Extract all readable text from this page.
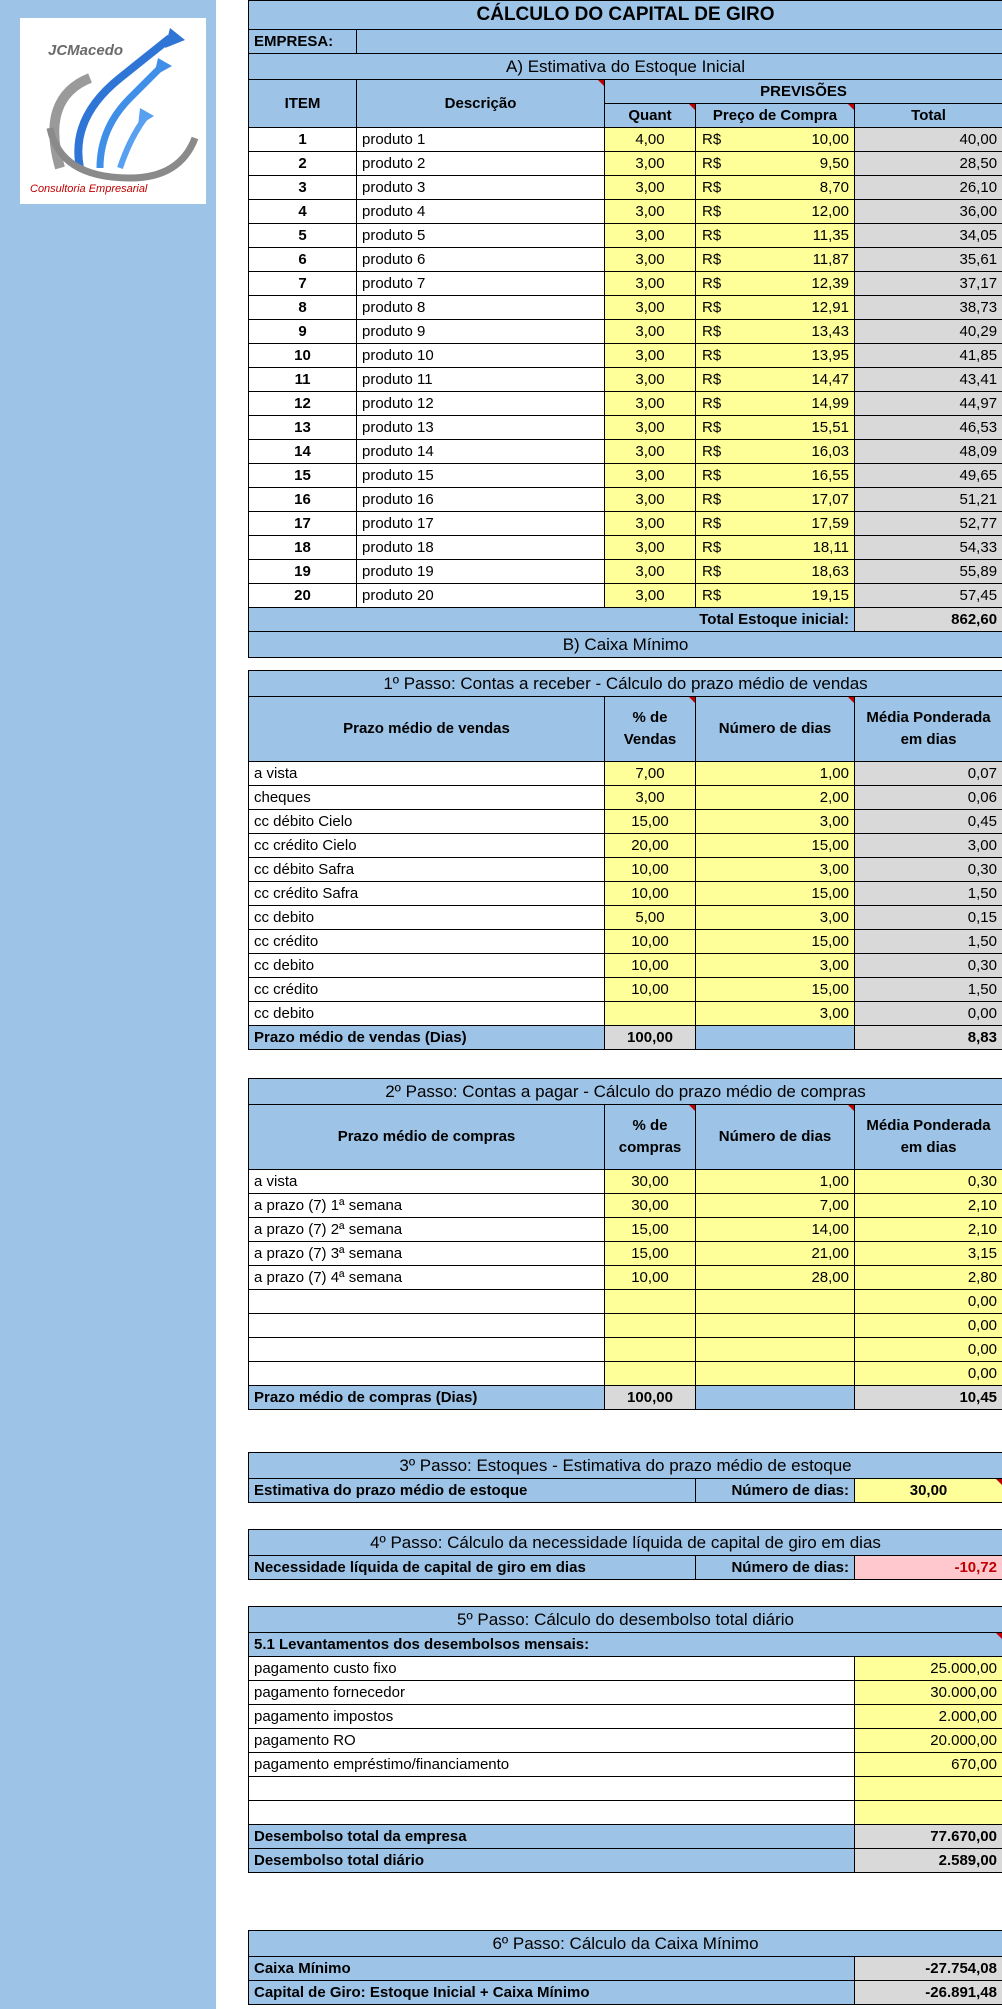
JCMacedo
Consultoria Empresarial
CÁLCULO DO CAPITAL DE GIRO				
EMPRESA:				
A) Estimativa do Estoque Inicial				
ITEM	Descrição	PREVISÕES		
		Quant	Preço de Compra	Total
1	produto 1	4,00	R$ 10,00	40,00
2	produto 2	3,00	R$ 9,50	28,50
3	produto 3	3,00	R$ 8,70	26,10
4	produto 4	3,00	R$ 12,00	36,00
5	produto 5	3,00	R$ 11,35	34,05
6	produto 6	3,00	R$ 11,87	35,61
7	produto 7	3,00	R$ 12,39	37,17
8	produto 8	3,00	R$ 12,91	38,73
9	produto 9	3,00	R$ 13,43	40,29
10	produto 10	3,00	R$ 13,95	41,85
11	produto 11	3,00	R$ 14,47	43,41
12	produto 12	3,00	R$ 14,99	44,97
13	produto 13	3,00	R$ 15,51	46,53
14	produto 14	3,00	R$ 16,03	48,09
15	produto 15	3,00	R$ 16,55	49,65
16	produto 16	3,00	R$ 17,07	51,21
17	produto 17	3,00	R$ 17,59	52,77
18	produto 18	3,00	R$ 18,11	54,33
19	produto 19	3,00	R$ 18,63	55,89
20	produto 20	3,00	R$ 19,15	57,45
Total Estoque inicial:				862,60
B) Caixa Mínimo				
1º Passo: Contas a receber - Cálculo do prazo médio de vendas			
Prazo médio de vendas	% de Vendas	Número de dias	Média Ponderada em dias
a vista	7,00	1,00	0,07
cheques	3,00	2,00	0,06
cc débito Cielo	15,00	3,00	0,45
cc crédito Cielo	20,00	15,00	3,00
cc débito Safra	10,00	3,00	0,30
cc crédito Safra	10,00	15,00	1,50
cc debito	5,00	3,00	0,15
cc crédito	10,00	15,00	1,50
cc debito	10,00	3,00	0,30
cc crédito	10,00	15,00	1,50
cc debito		3,00	0,00
Prazo médio de vendas (Dias)	100,00		8,83
2º Passo: Contas a pagar - Cálculo do prazo médio de compras			
Prazo médio de compras	% de compras	Número de dias	Média Ponderada em dias
a vista	30,00	1,00	0,30
a prazo (7) 1ª semana	30,00	7,00	2,10
a prazo (7) 2ª semana	15,00	14,00	2,10
a prazo (7) 3ª semana	15,00	21,00	3,15
a prazo (7) 4ª semana	10,00	28,00	2,80
			0,00
			0,00
			0,00
			0,00
Prazo médio de compras (Dias)	100,00		10,45
3º Passo: Estoques - Estimativa do prazo médio de estoque
Estimativa do prazo médio de estoque	Número de dias:	30,00
4º Passo: Cálculo da necessidade líquida de capital de giro em dias
Necessidade líquida de capital de giro em dias	Número de dias:	-10,72
5º Passo: Cálculo do desembolso total diário	
5.1 Levantamentos dos desembolsos mensais:	
pagamento custo fixo	25.000,00
pagamento fornecedor	30.000,00
pagamento impostos	2.000,00
pagamento RO	20.000,00
pagamento empréstimo/financiamento	670,00

Desembolso total da empresa	77.670,00
Desembolso total diário	2.589,00
6º Passo: Cálculo da Caixa Mínimo	
Caixa Mínimo	-27.754,08
Capital de Giro: Estoque Inicial + Caixa Mínimo	-26.891,48
